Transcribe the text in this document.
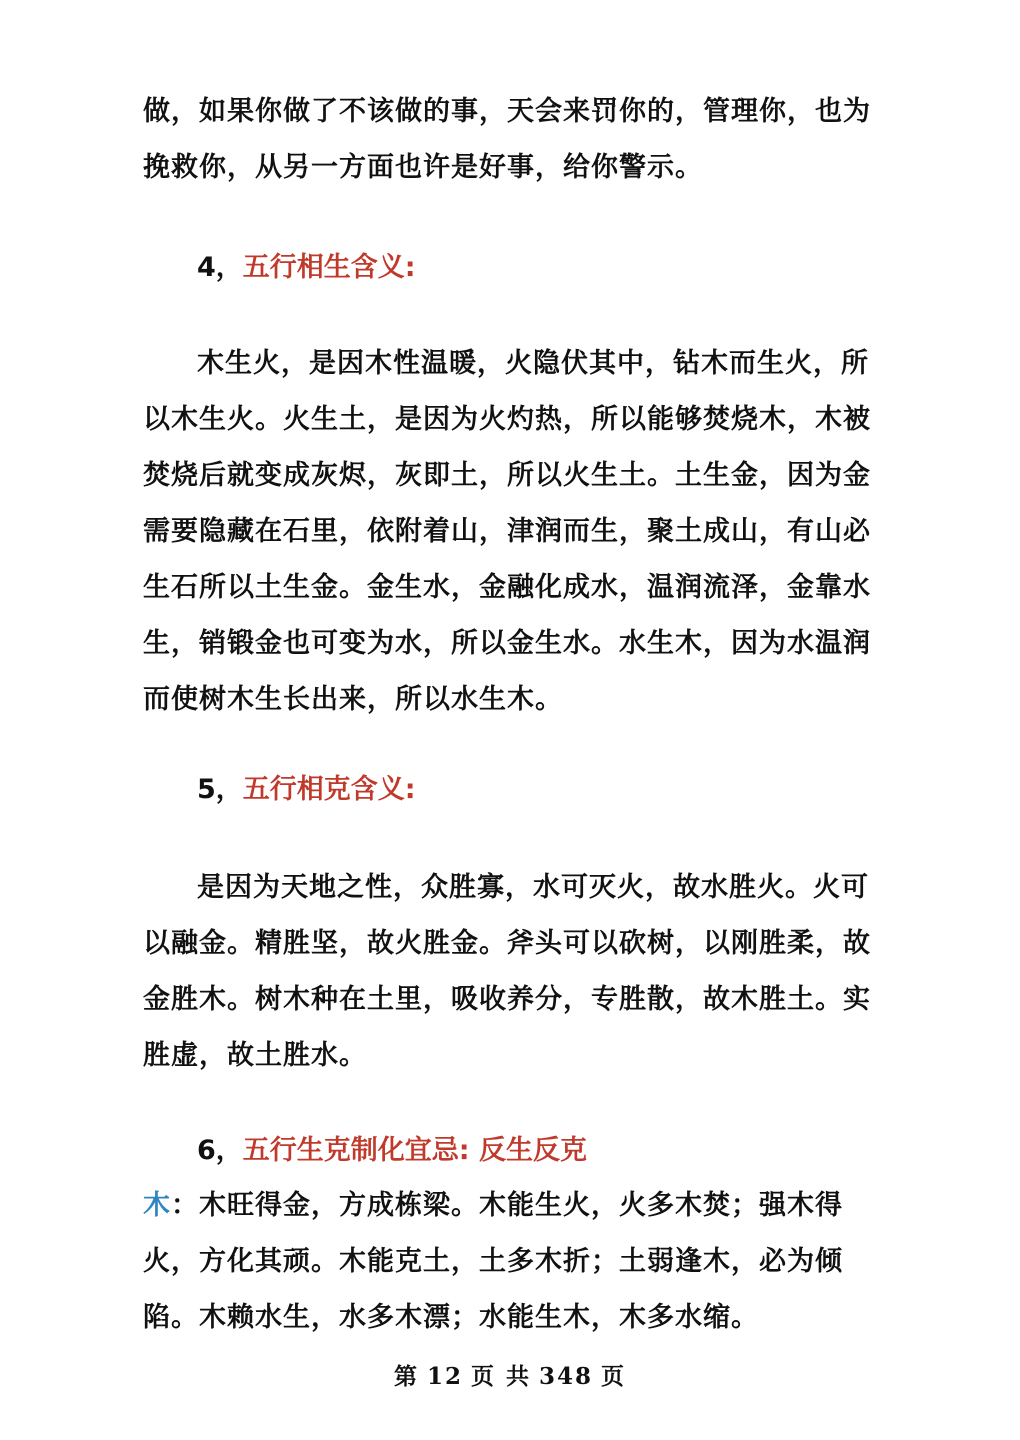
做，如果你做了不该做的事，天会来罚你的，管理你，也为挽救你，从另一方面也许是好事，给你警示。

4，五行相生含义:

木生火，是因木性温暖，火隐伏其中，钻木而生火，所以木生火。火生土，是因为火灼热，所以能够焚烧木，木被焚烧后就变成灰烬，灰即土，所以火生土。土生金，因为金需要隐藏在石里，依附着山，津润而生，聚土成山，有山必生石所以土生金。金生水，金融化成水，温润流泽，金靠水生，销锻金也可变为水，所以金生水。水生木，因为水温润而使树木生长出来，所以水生木。

5，五行相克含义:

是因为天地之性，众胜寡，水可灭火，故水胜火。火可以融金。精胜坚，故火胜金。斧头可以砍树，以刚胜柔，故金胜木。树木种在土里，吸收养分，专胜散，故木胜土。实胜虚，故土胜水。

6，五行生克制化宜忌: 反生反克

木：木旺得金，方成栋梁。木能生火，火多木焚；强木得火，方化其顽。木能克土，土多木折；土弱逢木，必为倾陷。木赖水生，水多木漂；水能生木，木多水缩。

第 12 页 共 348 页
